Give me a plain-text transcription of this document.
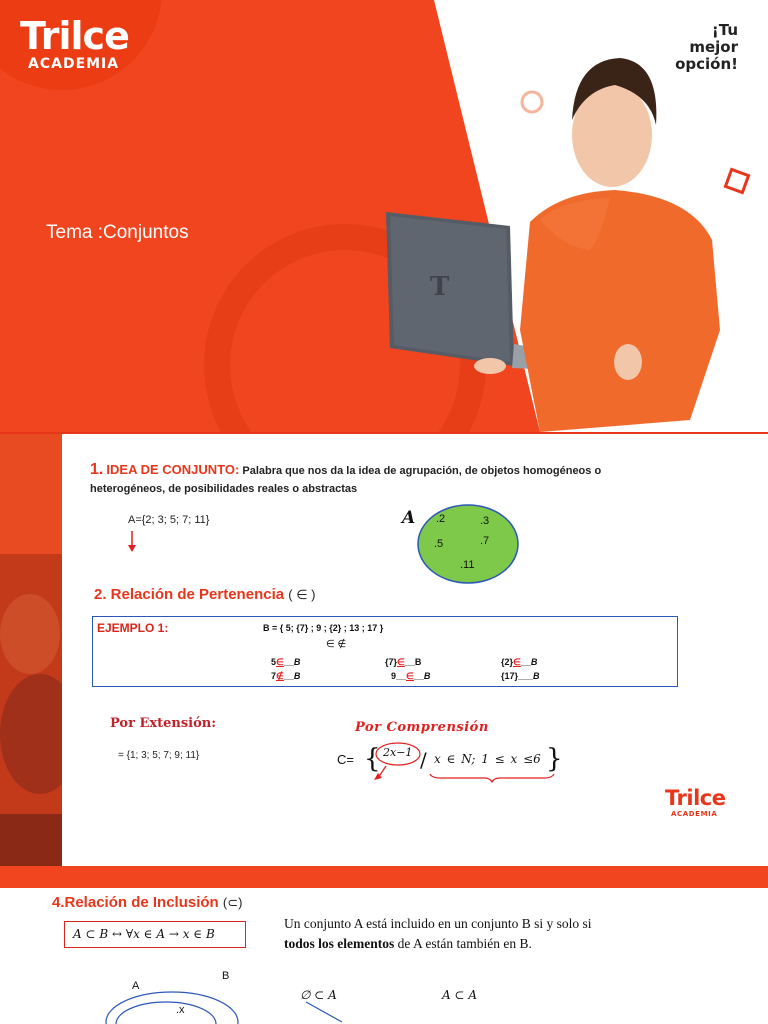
Trilce
ACADEMIA
¡Tu
mejor
opción!
Tema :Conjuntos
T
1. IDEA DE CONJUNTO: Palabra que nos da la idea de agrupación, de objetos homogéneos o heterogéneos, de posibilidades reales o abstractas
A={2; 3; 5; 7; 11}	A .2	.3
.5	.7
.11
2. Relación de Pertenencia ( ∈ )
EJEMPLO 1:	B = { 5; {7} ; 9 ; {2} ; 13 ; 17 }
∈ ∉
5∈__B	{7}∈__B	{2}∈__B
7∉__B	9__∈__B	{17}___B
Por Extensión:
= {1; 3; 5; 7; 9; 11}
Por Comprensión
{ /	}
C=	2x−1 x ∈ N; 1 ≤ x ≤6
Trilce
ACADEMIA
4.Relación de Inclusión (⊂)
A ⊂ B ↔ ∀x ∈ A → x ∈ B
Un conjunto A está incluido en un conjunto B si y solo si
todos los elementos de A están también en B.
A
B
.x
∅ ⊂ A	A ⊂ A
